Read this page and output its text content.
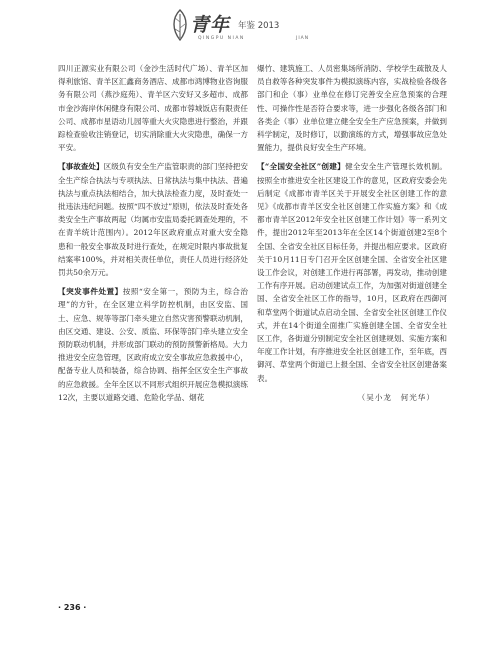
青年 年鉴 2013
QINGPU NIAN	JIAN

四川正源实业有限公司（金沙生活时代广场）、青羊区加得利旅馆、青羊区汇鑫商务酒店、成都市鸿博物业咨询服务有限公司（燕沙庭苑）、青羊区六安好又多超市、成都市金沙海岸休闲健身有限公司、成都市蓉城饭店有限责任公司、成都市星语动儿园等重大火灾隐患进行整治，并跟踪检查验收注销登记，切实消除重大火灾隐患，确保一方平安。

【事故查处】区级负有安全生产监管职责的部门坚持把安全生产综合执法与专项执法、日常执法与集中执法、普遍执法与重点执法相结合，加大执法检查力度，及时查处一批违法违纪问题。按照“四不放过”原则，依法及时查处各类安全生产事故两起（均属市安监局委托调查处理的，不在青羊统计范围内）。2012年区政府重点对重大安全隐患和一般安全事故及时进行查处，在规定时限内事故批复结案率100%，并对相关责任单位，责任人员进行经济处罚共50余万元。

【突发事件处置】按照“安全第一，预防为主，综合治理”的方针，在全区建立科学防控机制，由区安监、国土、应急、规等等部门牵头建立自然灾害预警联动机制，由区交通、建设、公安、质监、环保等部门牵头建立安全预防联动机制，并形成部门联动的预防预警新格局。大力推进安全应急管理，区政府成立安全事故应急救援中心，配备专业人员和装备，综合协调、指挥全区安全生产事故的应急救援。全年全区以不同形式组织开展应急模拟演练12次，主要以道路交通、危险化学品、烟花

爆竹、建筑施工、人员密集场所消防、学校学生疏散及人员自救等各种突发事件为模拟演练内容，实战检验各级各部门和企（事）业单位在修订完善安全应急预案的合理性、可操作性是否符合要求等，进一步强化各级各部门和各类企（事）业单位建立健全安全生产应急预案，并做到科学制定，及时修订，以勤演练的方式，增强事故应急处置能力，提供良好安全生产环境。

【“全国安全社区”创建】健全安全生产管理长效机制。按照全市推进安全社区建设工作的意见，区政府安委会先后制定《成都市青羊区关于开展安全社区创建工作的意见》《成都市青羊区安全社区创建工作实施方案》和《成都市青羊区2012年安全社区创建工作计划》等一系列文件，提出2012年至2013年在全区14个街道创建2至8个全国、全省安全社区目标任务，并提出相应要求。区政府关于10月11日专门召开全区创建全国、全省安全社区建设工作会议，对创建工作进行再部署，再发动，推动创建工作有序开展。启动创建试点工作，为加强对街道创建全国、全省安全社区工作的指导，10月，区政府在西御河和草堂两个街道试点启动全国、全省安全社区创建工作仪式，并在14个街道全面推广实施创建全国、全省安全社区工作，各街道分别制定安全社区创建规划、实施方案和年度工作计划，有序推进安全社区创建工作，至年底，西御河、草堂两个街道已上报全国、全省安全社区创建备案表。

（吴小龙　何光华）

· 236 ·
